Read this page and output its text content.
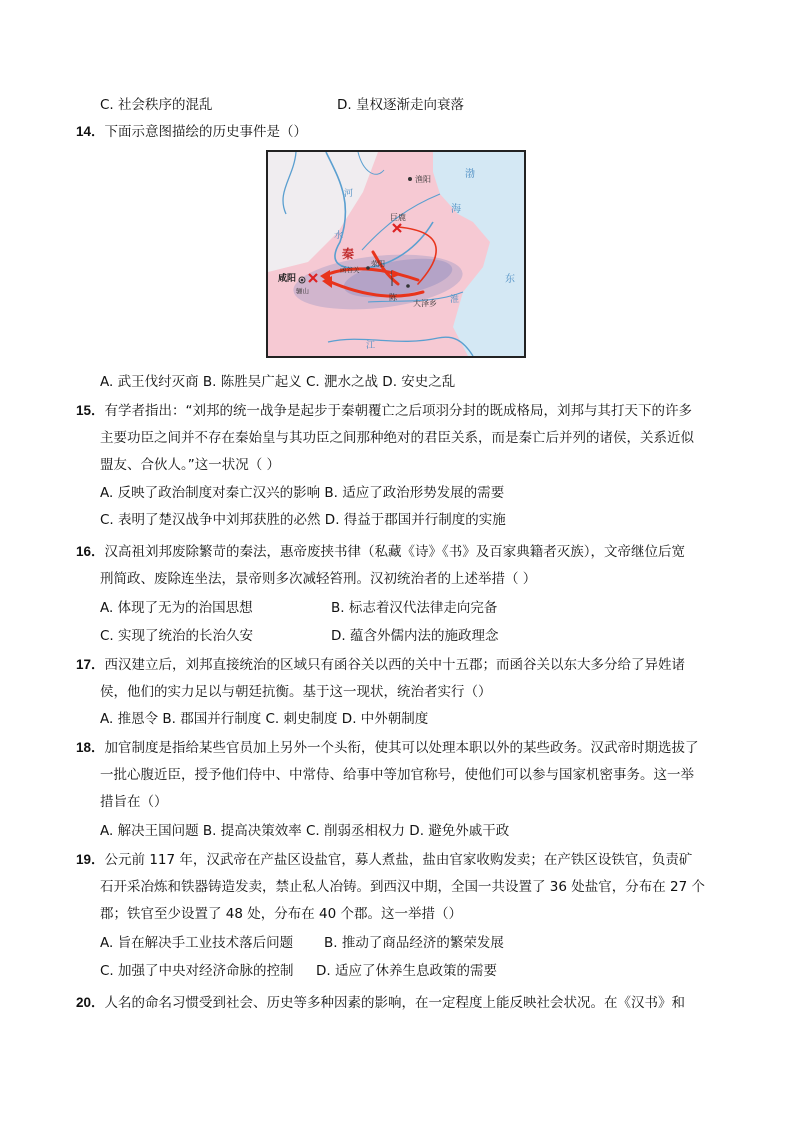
C. 社会秩序的混乱	D. 皇权逐渐走向衰落
14．下面示意图描绘的历史事件是（）
渔阳	渤
海
河
水
巨鹿
秦
函谷关
荥阳
咸阳
骊山
陈
大泽乡 淮
东
江
A. 武王伐纣灭商 B. 陈胜吴广起义 C. 淝水之战 D. 安史之乱
15．有学者指出：“刘邦的统一战争是起步于秦朝覆亡之后项羽分封的既成格局，刘邦与其打天下的许多
主要功臣之间并不存在秦始皇与其功臣之间那种绝对的君臣关系，而是秦亡后并列的诸侯，关系近似
盟友、合伙人。”这一状况（ ）
A. 反映了政治制度对秦亡汉兴的影响 B. 适应了政治形势发展的需要
C. 表明了楚汉战争中刘邦获胜的必然 D. 得益于郡国并行制度的实施
16．汉高祖刘邦废除繁苛的秦法，惠帝废挟书律（私藏《诗》《书》及百家典籍者灭族），文帝继位后宽
刑简政、废除连坐法，景帝则多次减轻笞刑。汉初统治者的上述举措（ ）
A. 体现了无为的治国思想	B. 标志着汉代法律走向完备
C. 实现了统治的长治久安	D. 蕴含外儒内法的施政理念
17．西汉建立后，刘邦直接统治的区域只有函谷关以西的关中十五郡；而函谷关以东大多分给了异姓诸
侯，他们的实力足以与朝廷抗衡。基于这一现状，统治者实行（）
A. 推恩令 B. 郡国并行制度 C. 刺史制度 D. 中外朝制度
18．加官制度是指给某些官员加上另外一个头衔，使其可以处理本职以外的某些政务。汉武帝时期选拔了
一批心腹近臣，授予他们侍中、中常侍、给事中等加官称号，使他们可以参与国家机密事务。这一举
措旨在（）
A. 解决王国问题 B. 提高决策效率 C. 削弱丞相权力 D. 避免外戚干政
19．公元前 117 年，汉武帝在产盐区设盐官，募人煮盐，盐由官家收购发卖；在产铁区设铁官，负责矿
石开采冶炼和铁器铸造发卖，禁止私人冶铸。到西汉中期，全国一共设置了 36 处盐官，分布在 27 个
郡；铁官至少设置了 48 处，分布在 40 个郡。这一举措（）
A. 旨在解决手工业技术落后问题 B. 推动了商品经济的繁荣发展
C. 加强了中央对经济命脉的控制 D. 适应了休养生息政策的需要
20．人名的命名习惯受到社会、历史等多种因素的影响，在一定程度上能反映社会状况。在《汉书》和
